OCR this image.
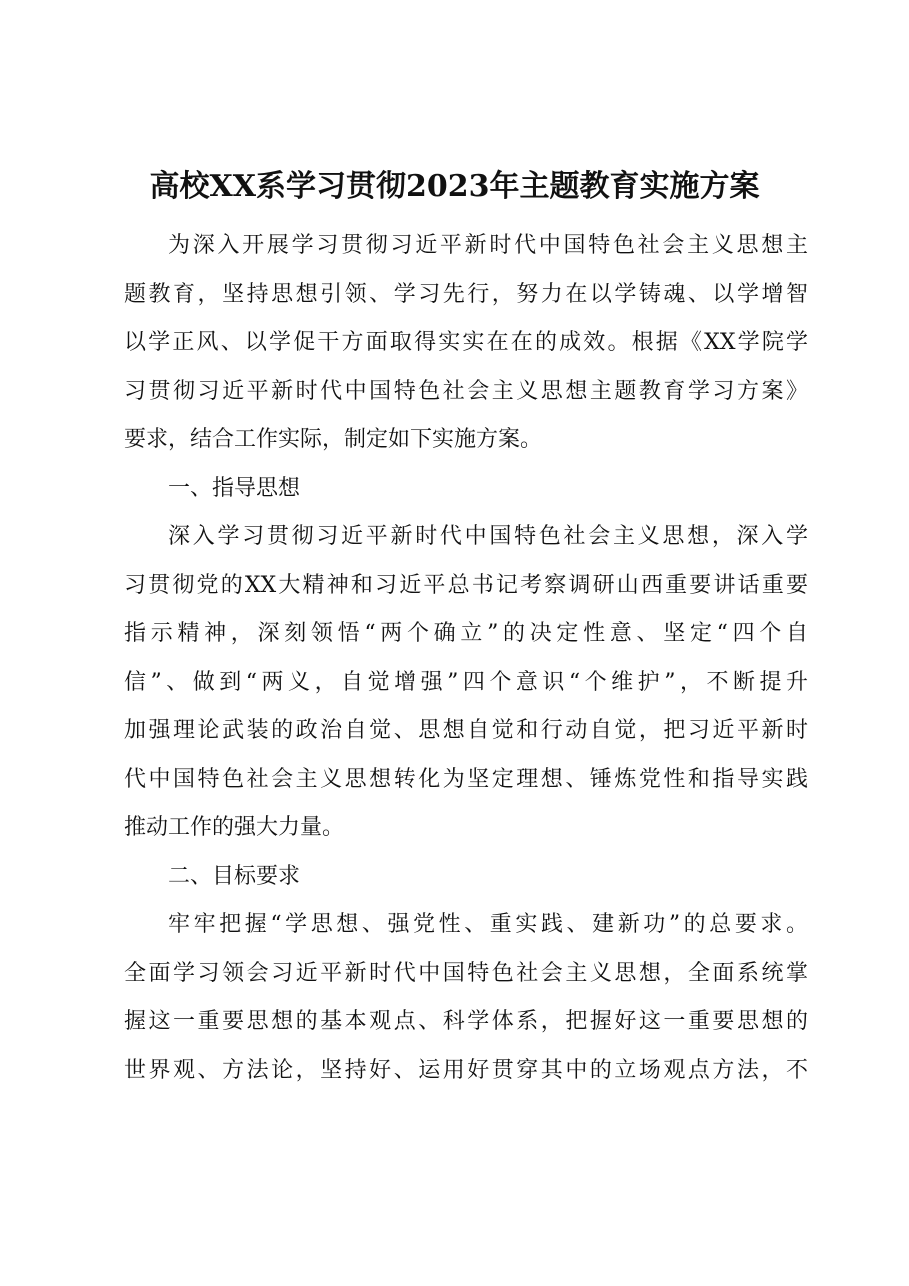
高校XX系学习贯彻2023年主题教育实施方案
为深入开展学习贯彻习近平新时代中国特色社会主义思想主
题教育，坚持思想引领、学习先行，努力在以学铸魂、以学增智
以学正风、以学促干方面取得实实在在的成效。根据《XX学院学
习贯彻习近平新时代中国特色社会主义思想主题教育学习方案》
要求，结合工作实际，制定如下实施方案。
一、指导思想
深入学习贯彻习近平新时代中国特色社会主义思想，深入学
习贯彻党的XX大精神和习近平总书记考察调研山西重要讲话重要
指示精神，深刻领悟“两个确立”的决定性意、坚定“四个自
信”、做到“两义，自觉增强”四个意识“个维护”，不断提升
加强理论武装的政治自觉、思想自觉和行动自觉，把习近平新时
代中国特色社会主义思想转化为坚定理想、锤炼党性和指导实践
推动工作的强大力量。
二、目标要求
牢牢把握“学思想、强党性、重实践、建新功”的总要求。
全面学习领会习近平新时代中国特色社会主义思想，全面系统掌
握这一重要思想的基本观点、科学体系，把握好这一重要思想的
世界观、方法论，坚持好、运用好贯穿其中的立场观点方法，不
